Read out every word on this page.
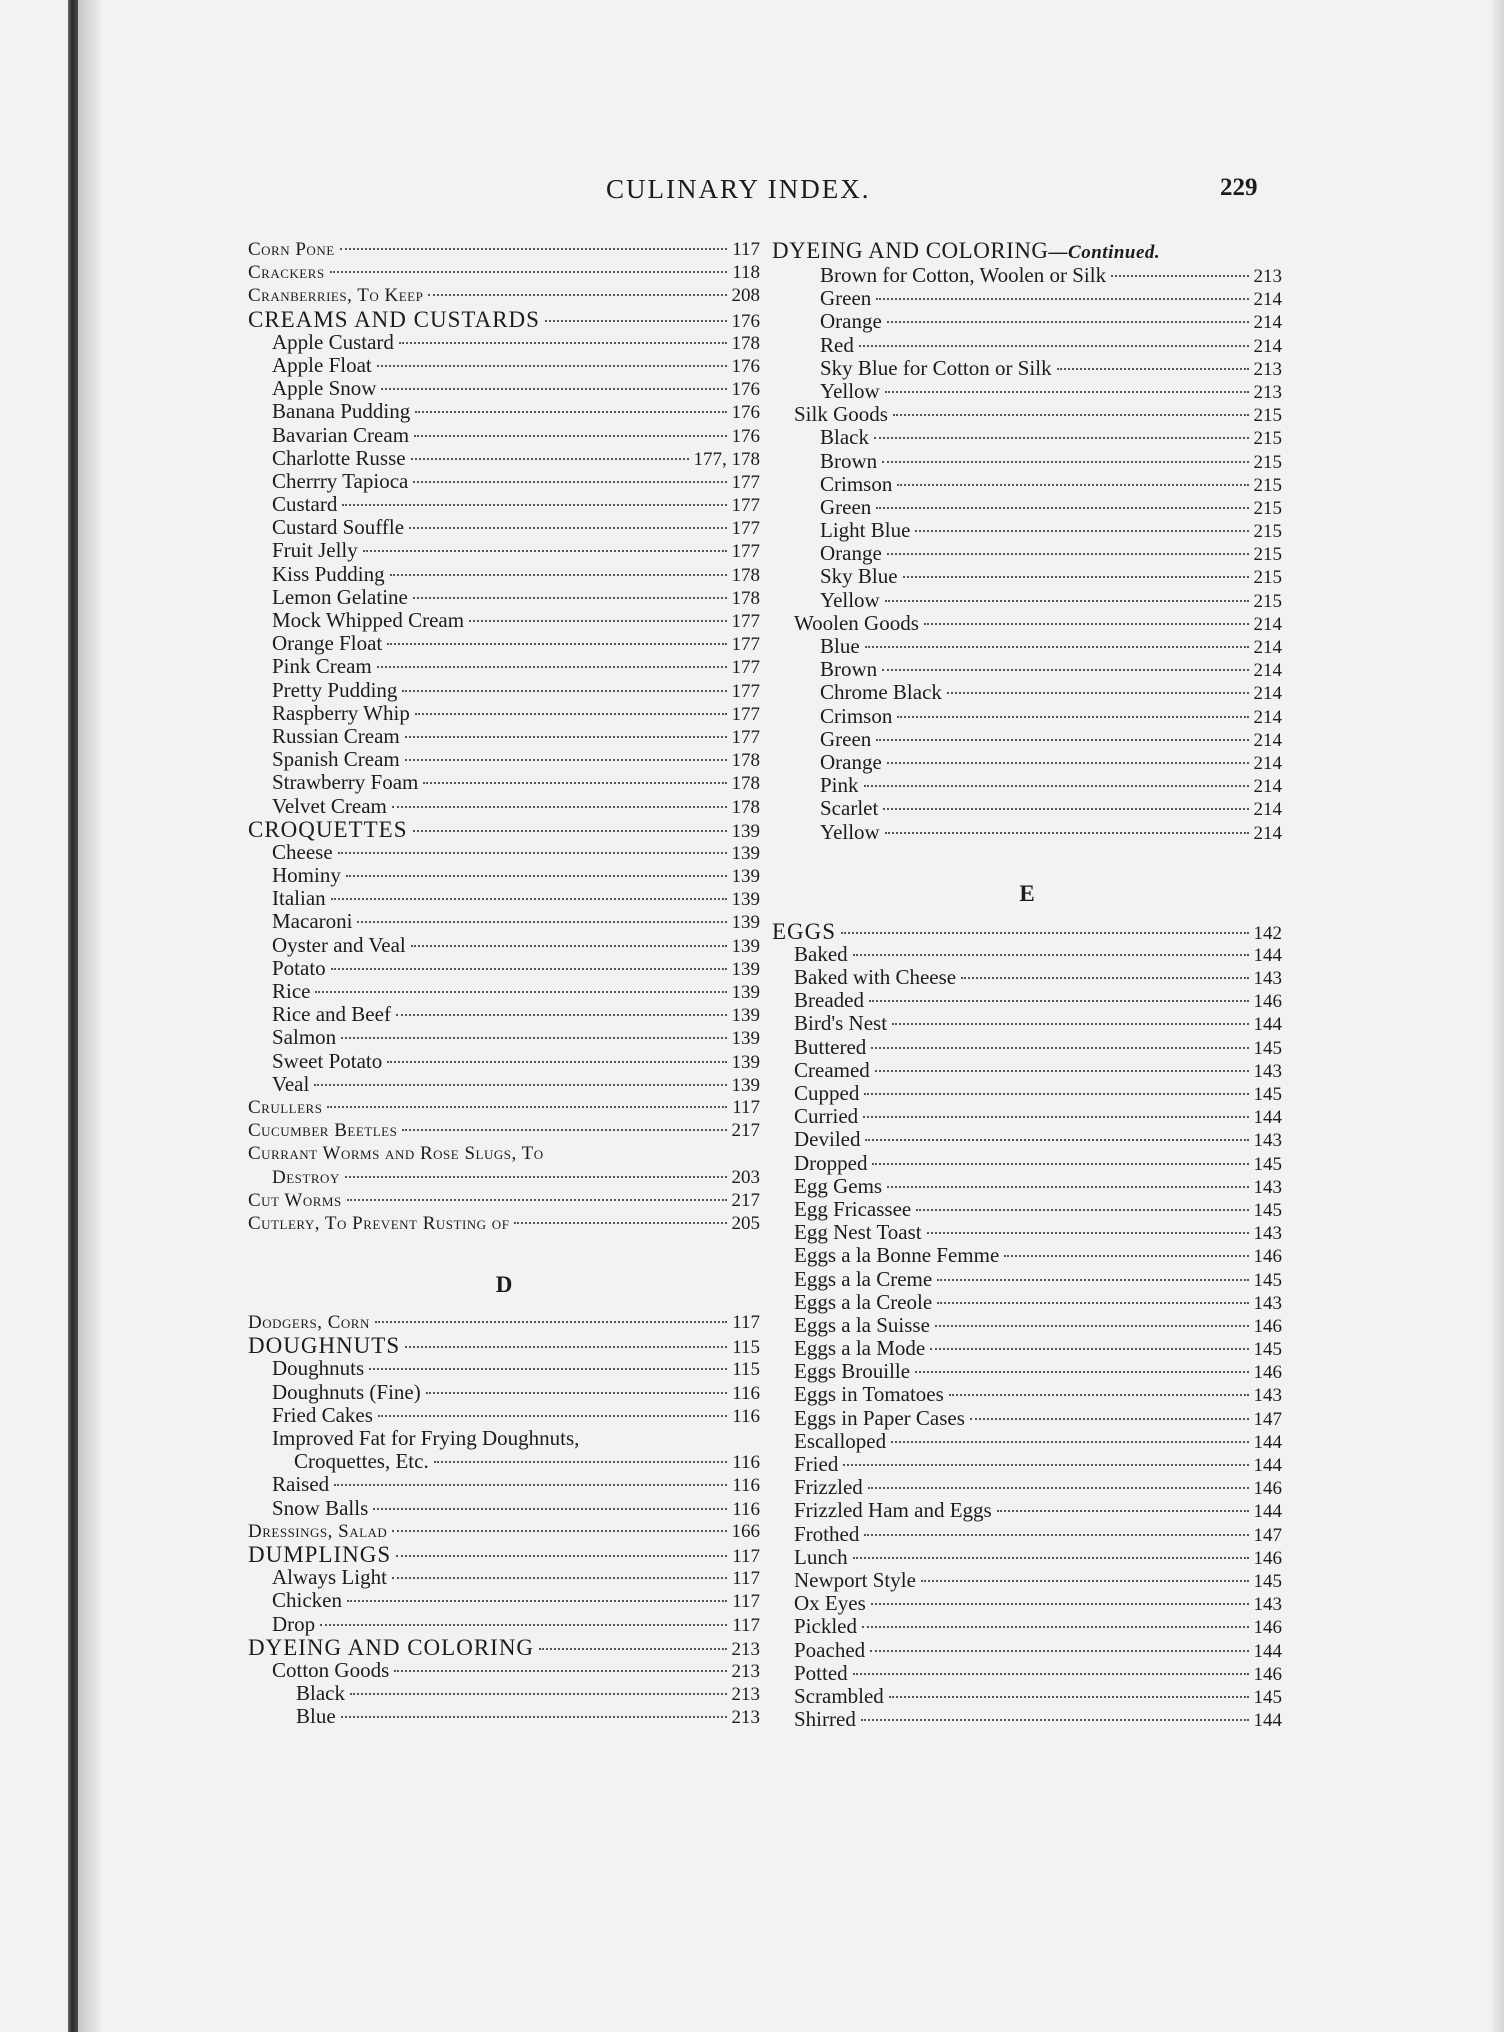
CULINARY INDEX.	229
Corn Pone	117
Crackers	118
Cranberries, To Keep	208
CREAMS AND CUSTARDS	176
Apple Custard	178
Apple Float	176
Apple Snow	176
Banana Pudding	176
Bavarian Cream	176
Charlotte Russe	177, 178
Cherrry Tapioca	177
Custard	177
Custard Souffle	177
Fruit Jelly	177
Kiss Pudding	178
Lemon Gelatine	178
Mock Whipped Cream	177
Orange Float	177
Pink Cream	177
Pretty Pudding	177
Raspberry Whip	177
Russian Cream	177
Spanish Cream	178
Strawberry Foam	178
Velvet Cream	178
CROQUETTES	139
Cheese	139
Hominy	139
Italian	139
Macaroni	139
Oyster and Veal	139
Potato	139
Rice	139
Rice and Beef	139
Salmon	139
Sweet Potato	139
Veal	139
Crullers	117
Cucumber Beetles	217
Currant Worms and Rose Slugs, To
Destroy	203
Cut Worms	217
Cutlery, To Prevent Rusting of	205
D
Dodgers, Corn	117
DOUGHNUTS	115
Doughnuts	115
Doughnuts (Fine)	116
Fried Cakes	116
Improved Fat for Frying Doughnuts,
Croquettes, Etc.	116
Raised	116
Snow Balls	116
Dressings, Salad	166
DUMPLINGS	117
Always Light	117
Chicken	117
Drop	117
DYEING AND COLORING	213
Cotton Goods	213
Black	213
Blue	213
DYEING AND COLORING—Continued.
Brown for Cotton, Woolen or Silk	213
Green	214
Orange	214
Red	214
Sky Blue for Cotton or Silk	213
Yellow	213
Silk Goods	215
Black	215
Brown	215
Crimson	215
Green	215
Light Blue	215
Orange	215
Sky Blue	215
Yellow	215
Woolen Goods	214
Blue	214
Brown	214
Chrome Black	214
Crimson	214
Green	214
Orange	214
Pink	214
Scarlet	214
Yellow	214
E
EGGS	142
Baked	144
Baked with Cheese	143
Breaded	146
Bird's Nest	144
Buttered	145
Creamed	143
Cupped	145
Curried	144
Deviled	143
Dropped	145
Egg Gems	143
Egg Fricassee	145
Egg Nest Toast	143
Eggs a la Bonne Femme	146
Eggs a la Creme	145
Eggs a la Creole	143
Eggs a la Suisse	146
Eggs a la Mode	145
Eggs Brouille	146
Eggs in Tomatoes	143
Eggs in Paper Cases	147
Escalloped	144
Fried	144
Frizzled	146
Frizzled Ham and Eggs	144
Frothed	147
Lunch	146
Newport Style	145
Ox Eyes	143
Pickled	146
Poached	144
Potted	146
Scrambled	145
Shirred	144
